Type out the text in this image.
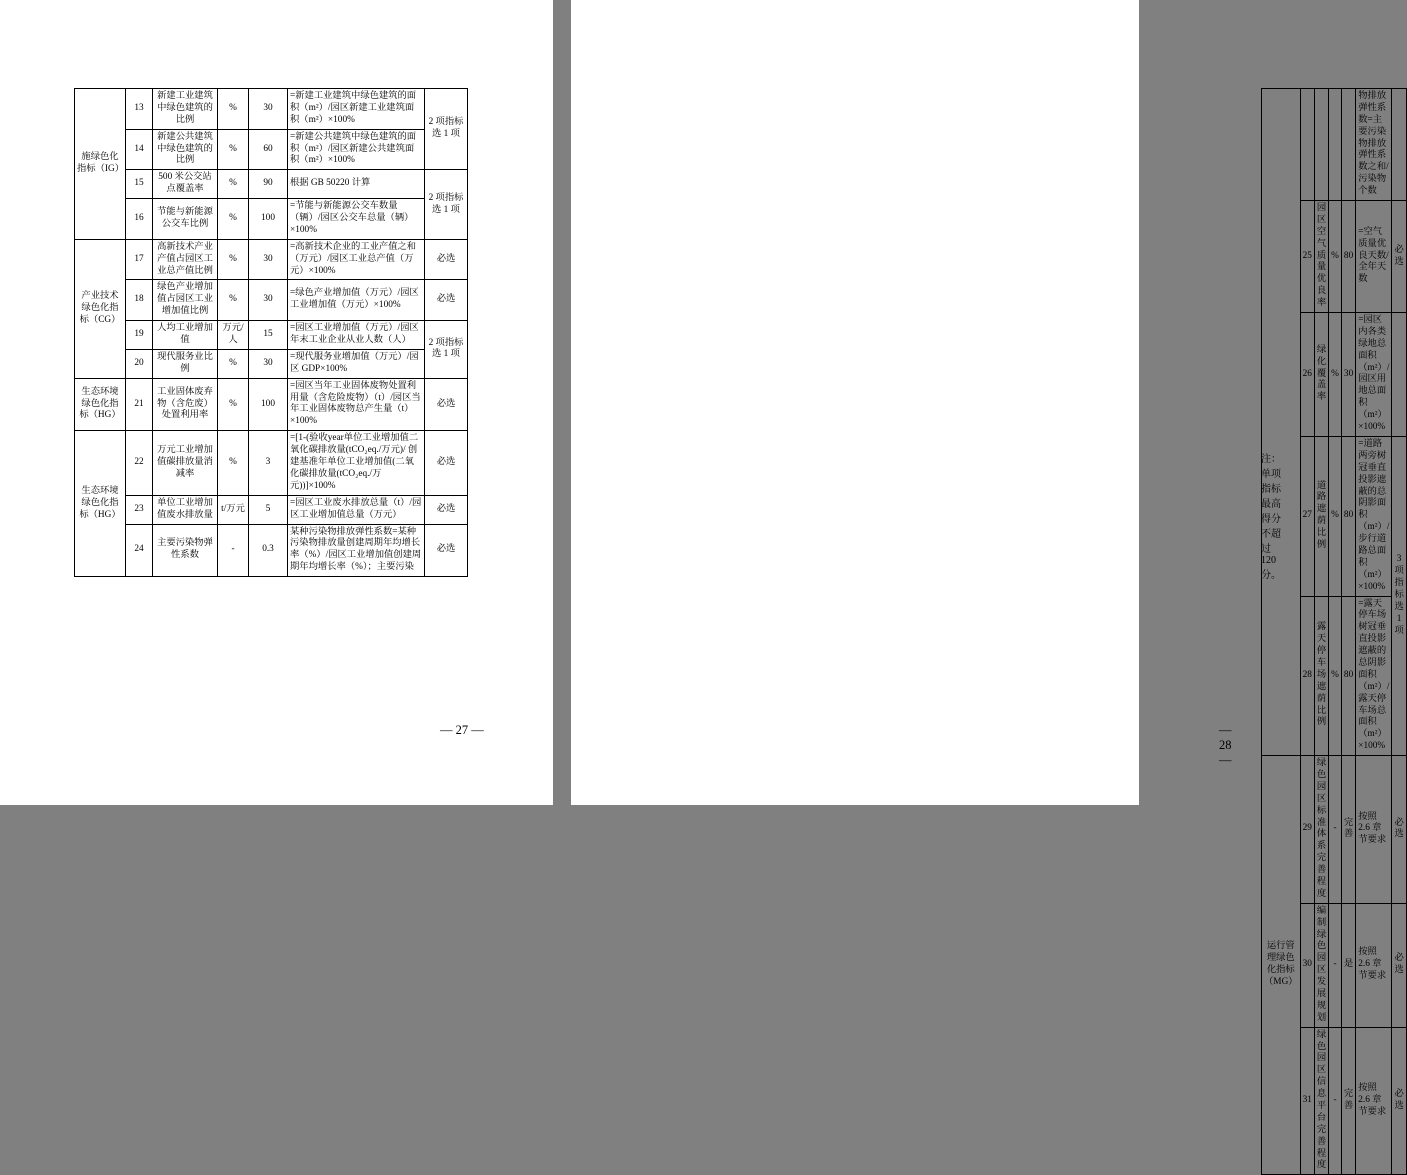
施绿色化指标（IG）	13	新建工业建筑中绿色建筑的比例	%	30	=新建工业建筑中绿色建筑的面积（m²）/园区新建工业建筑面积（m²）×100%	2 项指标选 1 项
	14	新建公共建筑中绿色建筑的比例	%	60	=新建公共建筑中绿色建筑的面积（m²）/园区新建公共建筑面积（m²）×100%	
	15	500 米公交站点覆盖率	%	90	根据 GB 50220 计算	2 项指标选 1 项
	16	节能与新能源公交车比例	%	100	=节能与新能源公交车数量（辆）/园区公交车总量（辆）×100%	
产业技术绿色化指标（CG）	17	高新技术产业产值占园区工业总产值比例	%	30	=高新技术企业的工业产值之和（万元）/园区工业总产值（万元）×100%	必选
	18	绿色产业增加值占园区工业增加值比例	%	30	=绿色产业增加值（万元）/园区工业增加值（万元）×100%	必选
	19	人均工业增加值	万元/人	15	=园区工业增加值（万元）/园区年末工业企业从业人数（人）	2 项指标选 1 项
	20	现代服务业比例	%	30	=现代服务业增加值（万元）/园区 GDP×100%	
生态环境绿色化指标（HG）	21	工业固体废弃物（含危废）处置利用率	%	100	=园区当年工业固体废物处置利用量（含危险废物）（t）/园区当年工业固体废物总产生量（t）×100%	必选
生态环境绿色化指标（HG）	22	万元工业增加值碳排放量消减率	%	3	=[1-(验收year单位工业增加值二氧化碳排放量(tCO₂eq./万元)/ 创建基准年单位工业增加值(二氧化碳排放量(tCO₂eq./万元))]×100%	必选
	23	单位工业增加值废水排放量	t/万元	5	=园区工业废水排放总量（t）/园区工业增加值总量（万元）	必选
	24	主要污染物弹性系数	-	0.3	某种污染物排放弹性系数=某种污染物排放量创建周期年均增长率（%）/园区工业增加值创建周期年均增长率（%）；主要污染	必选
— 27 —
					物排放弹性系数=主要污染物排放弹性系数之和/污染物个数	
	25	园区空气质量优良率	%	80	=空气质量优良天数/全年天数	必选
	26	绿化覆盖率	%	30	=园区内各类绿地总面积（m²）/园区用地总面积（m²）×100%	
	27	道路遮荫比例	%	80	=道路两旁树冠垂直投影遮蔽的总阴影面积（m²）/步行道路总面积（m²）×100%	3 项指标选 1 项
	28	露天停车场遮荫比例	%	80	=露天停车场树冠垂直投影遮蔽的总阴影面积（m²）/露天停车场总面积（m²）×100%	
运行管理绿色化指标（MG）	29	绿色园区标准体系完善程度	-	完善	按照 2.6 章节要求	必选
	30	编制绿色园区发展规划	-	是	按照 2.6 章节要求	必选
	31	绿色园区信息平台完善程度	-	完善	按照 2.6 章节要求	必选
注：单项指标最高得分不超过 120 分。
— 28 —
